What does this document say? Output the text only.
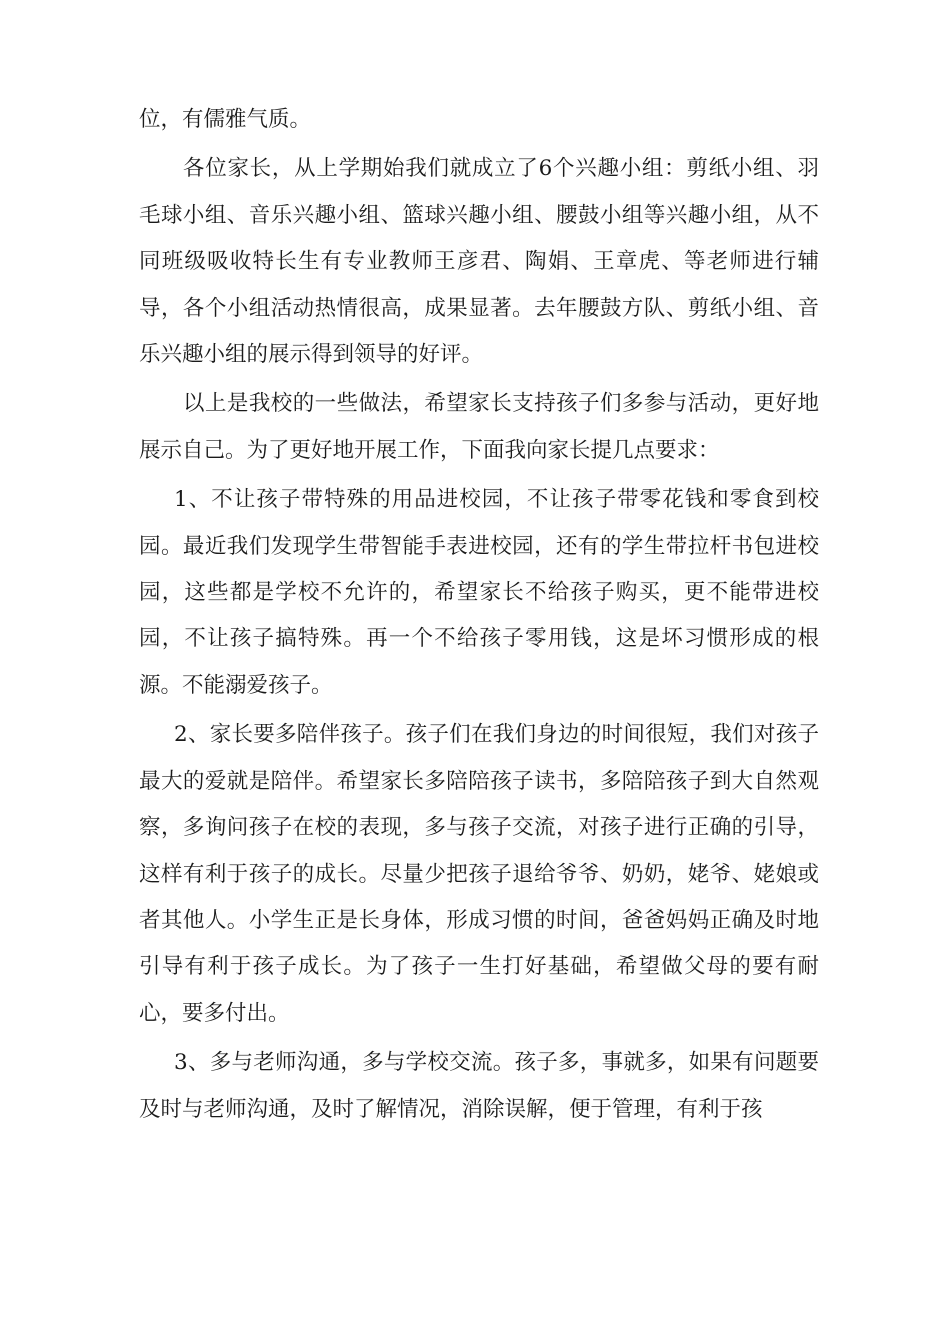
位，有儒雅气质。

各位家长，从上学期始我们就成立了6个兴趣小组：剪纸小组、羽毛球小组、音乐兴趣小组、篮球兴趣小组、腰鼓小组等兴趣小组，从不同班级吸收特长生有专业教师王彦君、陶娟、王章虎、等老师进行辅导，各个小组活动热情很高，成果显著。去年腰鼓方队、剪纸小组、音乐兴趣小组的展示得到领导的好评。

以上是我校的一些做法，希望家长支持孩子们多参与活动，更好地展示自己。为了更好地开展工作，下面我向家长提几点要求：

1、不让孩子带特殊的用品进校园，不让孩子带零花钱和零食到校园。最近我们发现学生带智能手表进校园，还有的学生带拉杆书包进校园，这些都是学校不允许的，希望家长不给孩子购买，更不能带进校园，不让孩子搞特殊。再一个不给孩子零用钱，这是坏习惯形成的根源。不能溺爱孩子。

2、家长要多陪伴孩子。孩子们在我们身边的时间很短，我们对孩子最大的爱就是陪伴。希望家长多陪陪孩子读书，多陪陪孩子到大自然观察，多询问孩子在校的表现，多与孩子交流，对孩子进行正确的引导，这样有利于孩子的成长。尽量少把孩子退给爷爷、奶奶，姥爷、姥娘或者其他人。小学生正是长身体，形成习惯的时间，爸爸妈妈正确及时地引导有利于孩子成长。为了孩子一生打好基础，希望做父母的要有耐心，要多付出。

3、多与老师沟通，多与学校交流。孩子多，事就多，如果有问题要及时与老师沟通，及时了解情况，消除误解，便于管理，有利于孩
